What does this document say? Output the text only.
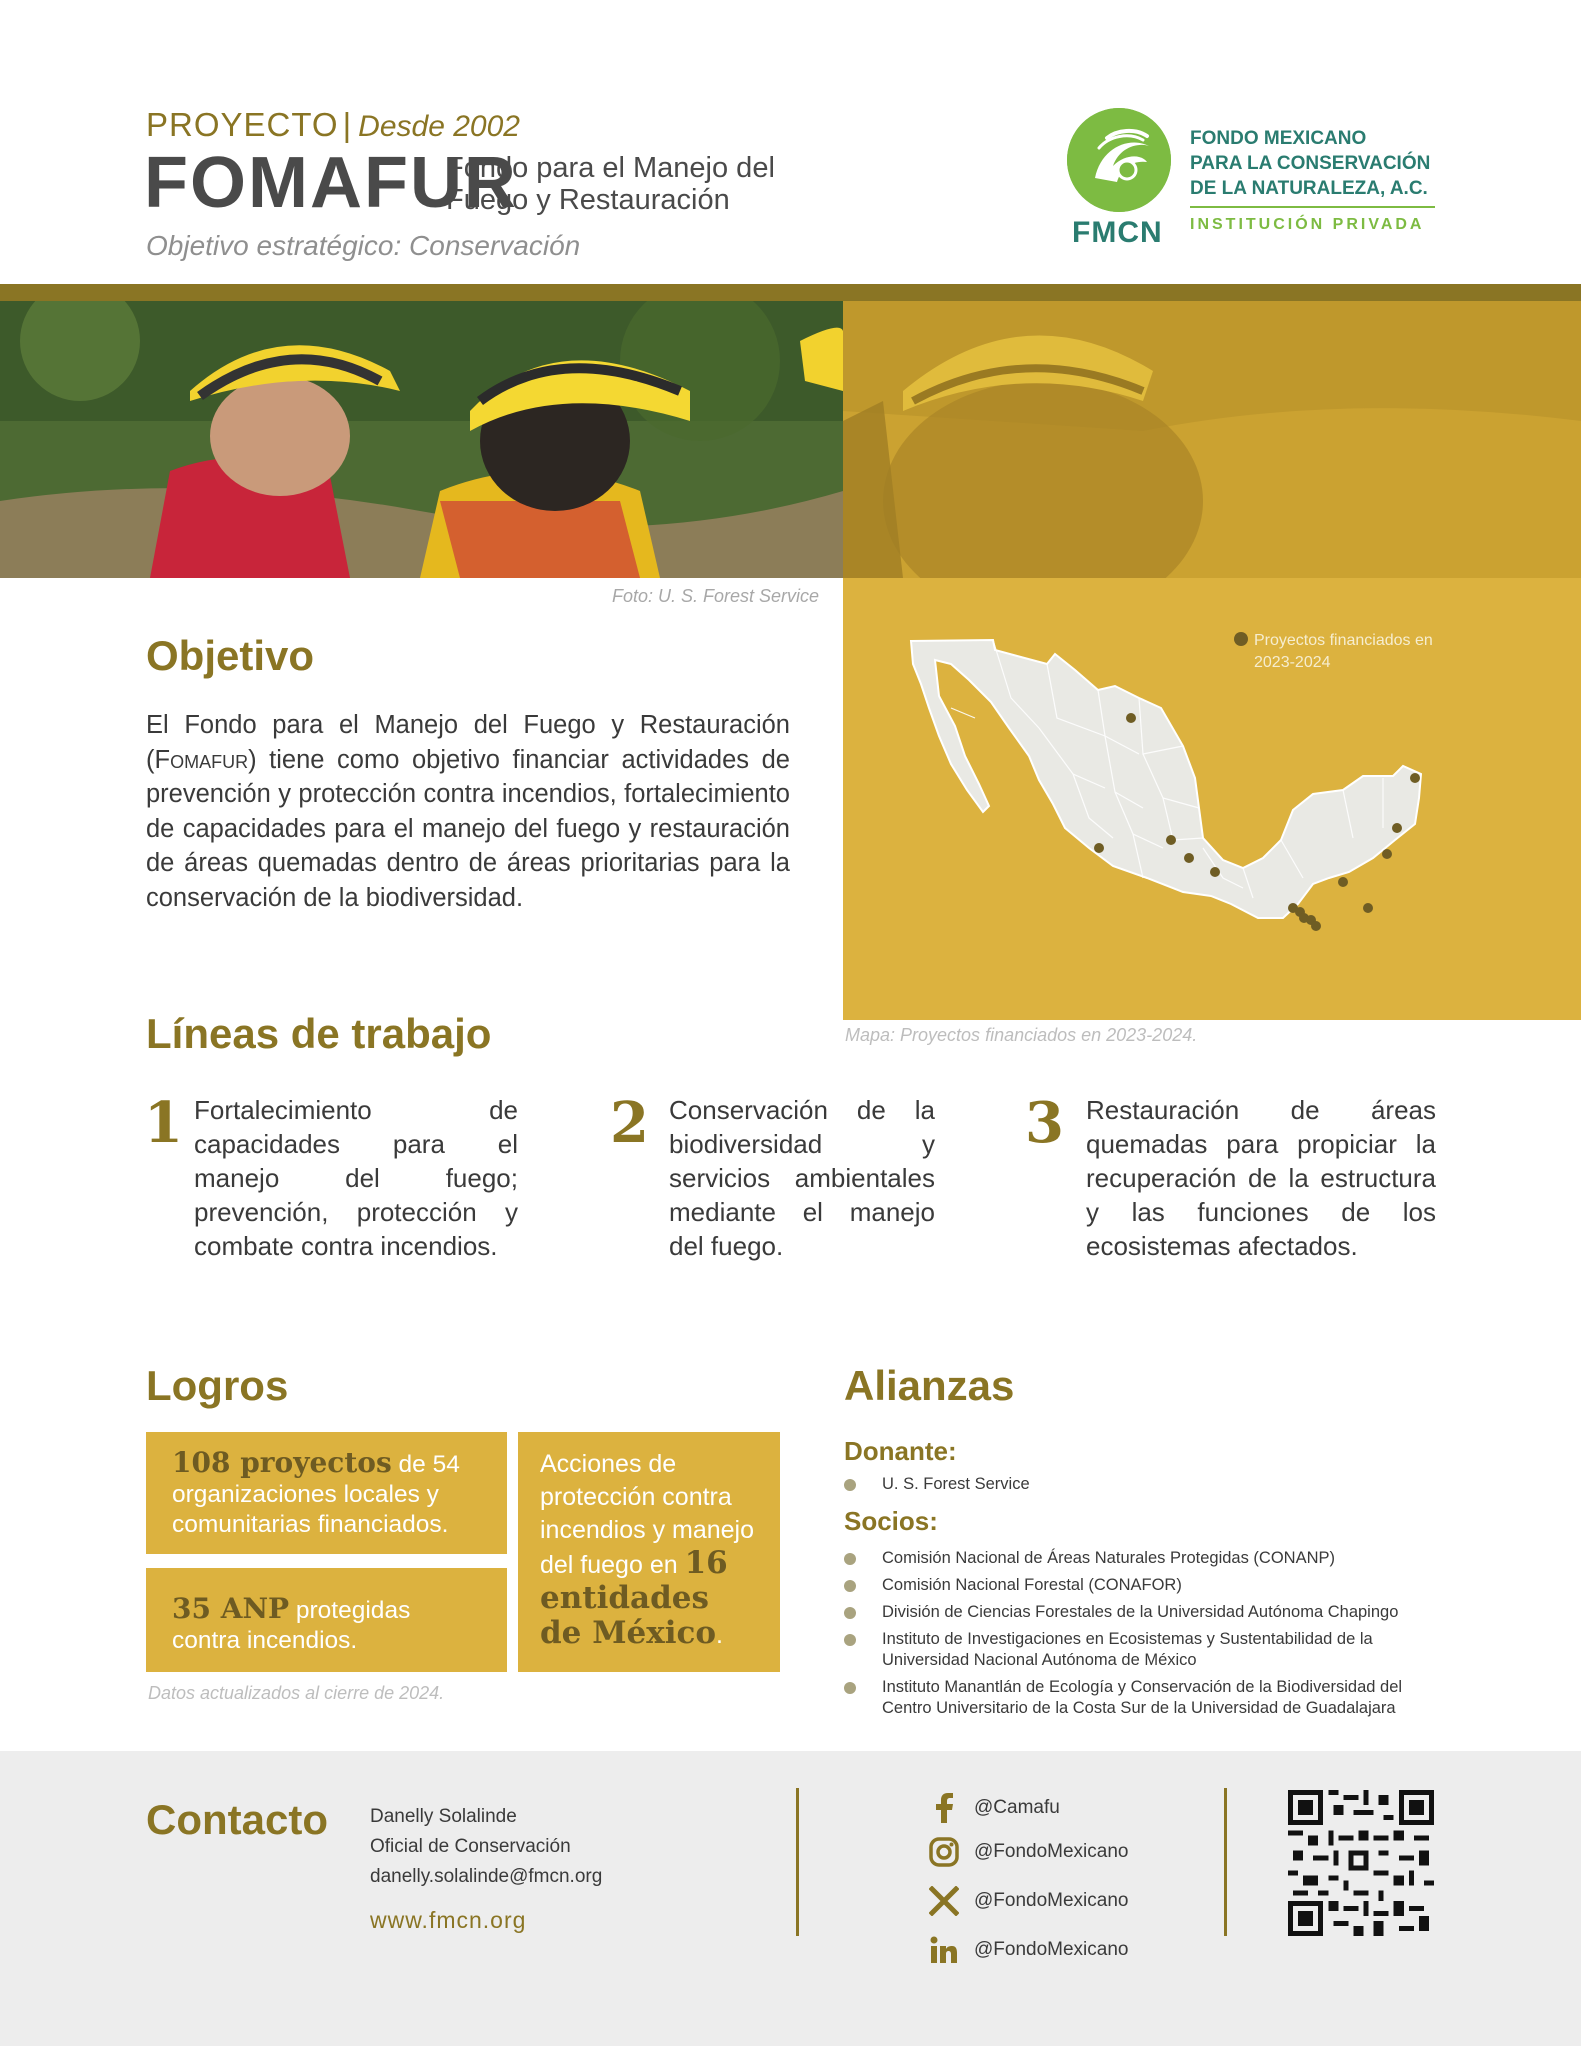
PROYECTO | Desde 2002
FOMAFUR
Fondo para el Manejo del Fuego y Restauración
Objetivo estratégico: Conservación	FMCN
FONDO MEXICANO
PARA LA CONSERVACIÓN
DE LA NATURALEZA, A.C.
INSTITUCIÓN PRIVADA
Foto: U. S. Forest Service
Proyectos financiados en 2023-2024
Mapa: Proyectos financiados en 2023-2024.
Objetivo
El Fondo para el Manejo del Fuego y Restauración (Fomafur) tiene como objetivo financiar actividades de prevención y protección contra incendios, fortalecimiento de capacidades para el manejo del fuego y restauración de áreas quemadas dentro de áreas prioritarias para la conservación de la biodiversidad.
Líneas de trabajo
1 Fortalecimiento de capacidades para el manejo del fuego; prevención, protección y combate contra incendios.
2 Conservación de la biodiversidad y servicios ambientales mediante el manejo del fuego.
3 Restauración de áreas quemadas para propiciar la recuperación de la estructura y las funciones de los ecosistemas afectados.
Logros
108 proyectos de 54 organizaciones locales y comunitarias financiados.
35 ANP protegidas contra incendios.
Acciones de protección contra incendios y manejo del fuego en 16 entidades de México.
Datos actualizados al cierre de 2024.
Alianzas
Donante:
U. S. Forest Service
Socios:
Comisión Nacional de Áreas Naturales Protegidas (CONANP)
Comisión Nacional Forestal (CONAFOR)
División de Ciencias Forestales de la Universidad Autónoma Chapingo
Instituto de Investigaciones en Ecosistemas y Sustentabilidad de la Universidad Nacional Autónoma de México
Instituto Manantlán de Ecología y Conservación de la Biodiversidad del Centro Universitario de la Costa Sur de la Universidad de Guadalajara
Contacto Danelly Solalinde
Oficial de Conservación
danelly.solalinde@fmcn.org
www.fmcn.org
@Camafu
@FondoMexicano
@FondoMexicano
@FondoMexicano
